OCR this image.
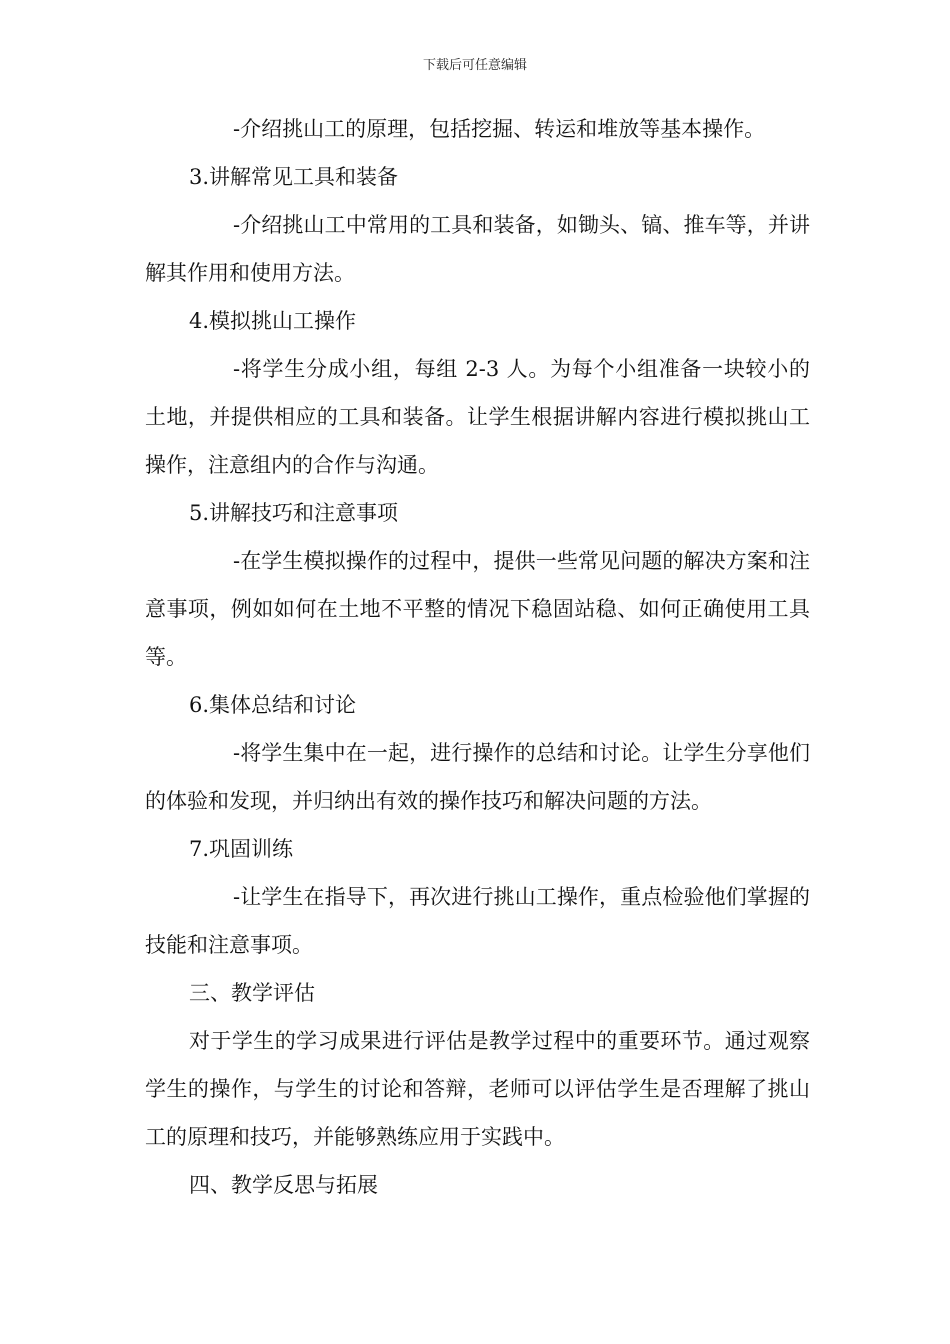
下载后可任意编辑

-介绍挑山工的原理，包括挖掘、转运和堆放等基本操作。

3.讲解常见工具和装备

-介绍挑山工中常用的工具和装备，如锄头、镐、推车等，并讲解其作用和使用方法。

4.模拟挑山工操作

-将学生分成小组，每组 2-3 人。为每个小组准备一块较小的土地，并提供相应的工具和装备。让学生根据讲解内容进行模拟挑山工操作，注意组内的合作与沟通。

5.讲解技巧和注意事项

-在学生模拟操作的过程中，提供一些常见问题的解决方案和注意事项，例如如何在土地不平整的情况下稳固站稳、如何正确使用工具等。

6.集体总结和讨论

-将学生集中在一起，进行操作的总结和讨论。让学生分享他们的体验和发现，并归纳出有效的操作技巧和解决问题的方法。

7.巩固训练

-让学生在指导下，再次进行挑山工操作，重点检验他们掌握的技能和注意事项。

三、教学评估

对于学生的学习成果进行评估是教学过程中的重要环节。通过观察学生的操作，与学生的讨论和答辩，老师可以评估学生是否理解了挑山工的原理和技巧，并能够熟练应用于实践中。

四、教学反思与拓展
